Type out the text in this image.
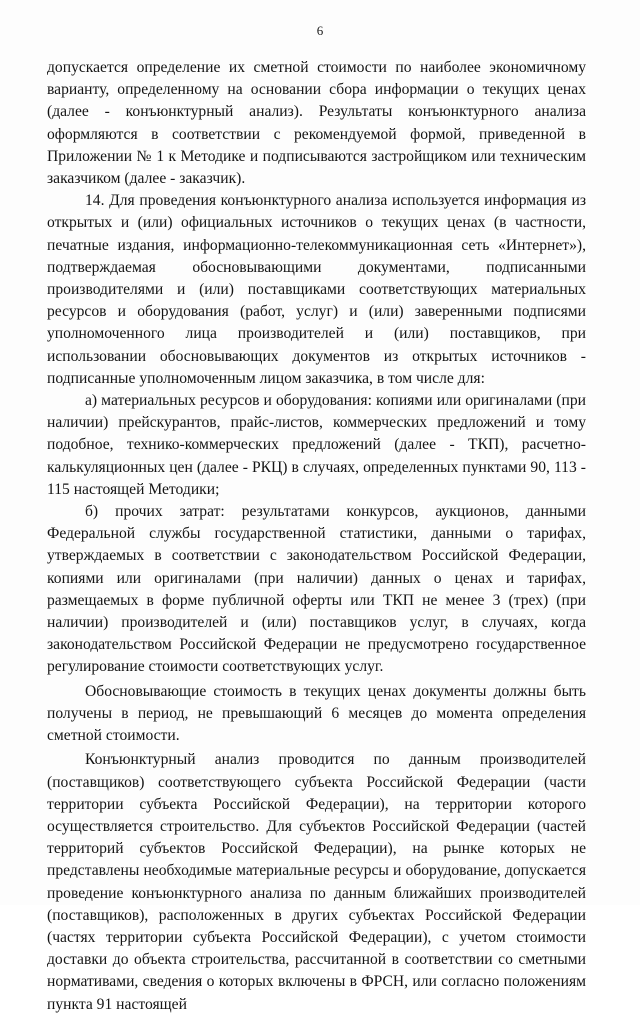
6

допускается определение их сметной стоимости по наиболее экономичному варианту, определенному на основании сбора информации о текущих ценах (далее - конъюнктурный анализ). Результаты конъюнктурного анализа оформляются в соответствии с рекомендуемой формой, приведенной в Приложении № 1 к Методике и подписываются застройщиком или техническим заказчиком (далее - заказчик).

14. Для проведения конъюнктурного анализа используется информация из открытых и (или) официальных источников о текущих ценах (в частности, печатные издания, информационно-телекоммуникационная сеть «Интернет»), подтверждаемая обосновывающими документами, подписанными производителями и (или) поставщиками соответствующих материальных ресурсов и оборудования (работ, услуг) и (или) заверенными подписями уполномоченного лица производителей и (или) поставщиков, при использовании обосновывающих документов из открытых источников - подписанные уполномоченным лицом заказчика, в том числе для:

а) материальных ресурсов и оборудования: копиями или оригиналами (при наличии) прейскурантов, прайс-листов, коммерческих предложений и тому подобное, технико-коммерческих предложений (далее - ТКП), расчетно-калькуляционных цен (далее - РКЦ) в случаях, определенных пунктами 90, 113 - 115 настоящей Методики;

б) прочих затрат: результатами конкурсов, аукционов, данными Федеральной службы государственной статистики, данными о тарифах, утверждаемых в соответствии с законодательством Российской Федерации, копиями или оригиналами (при наличии) данных о ценах и тарифах, размещаемых в форме публичной оферты или ТКП не менее 3 (трех) (при наличии) производителей и (или) поставщиков услуг, в случаях, когда законодательством Российской Федерации не предусмотрено государственное регулирование стоимости соответствующих услуг.

Обосновывающие стоимость в текущих ценах документы должны быть получены в период, не превышающий 6 месяцев до момента определения сметной стоимости.

Конъюнктурный анализ проводится по данным производителей (поставщиков) соответствующего субъекта Российской Федерации (части территории субъекта Российской Федерации), на территории которого осуществляется строительство. Для субъектов Российской Федерации (частей территорий субъектов Российской Федерации), на рынке которых не представлены необходимые материальные ресурсы и оборудование, допускается проведение конъюнктурного анализа по данным ближайших производителей (поставщиков), расположенных в других субъектах Российской Федерации (частях территории субъекта Российской Федерации), с учетом стоимости доставки до объекта строительства, рассчитанной в соответствии со сметными нормативами, сведения о которых включены в ФРСН, или согласно положениям пункта 91 настоящей
